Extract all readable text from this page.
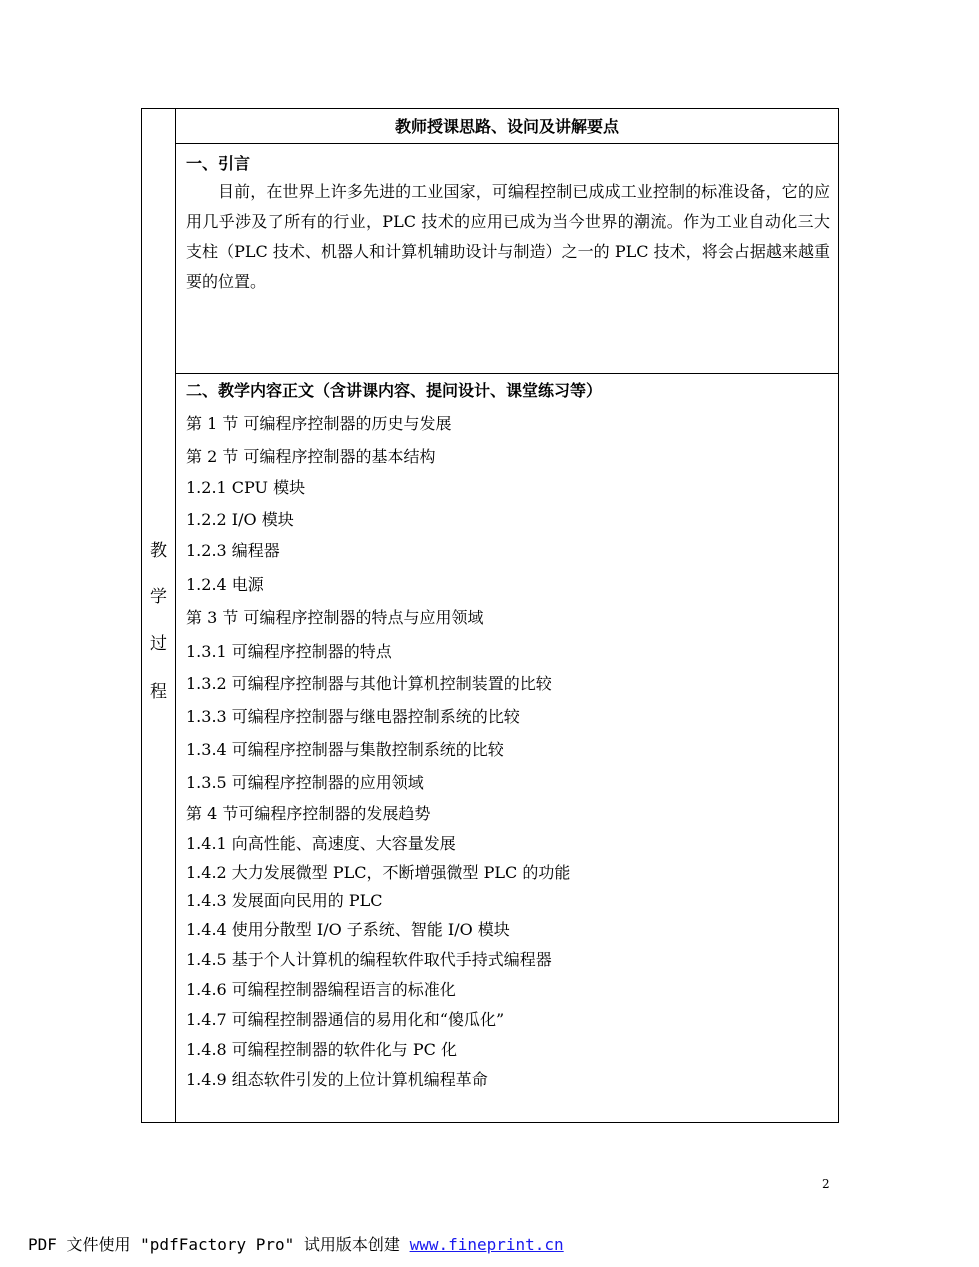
教
学
过
程
教师授课思路、设问及讲解要点
一、引言

目前，在世界上许多先进的工业国家，可编程控制已成成工业控制的标准设备，它的应用几乎涉及了所有的行业，PLC 技术的应用已成为当今世界的潮流。作为工业自动化三大支柱（PLC 技术、机器人和计算机辅助设计与制造）之一的 PLC 技术，将会占据越来越重要的位置。

二、教学内容正文（含讲课内容、提问设计、课堂练习等）
第 1 节 可编程序控制器的历史与发展
第 2 节 可编程序控制器的基本结构
1.2.1 CPU 模块
1.2.2 I/O 模块
1.2.3 编程器
1.2.4 电源
第 3 节 可编程序控制器的特点与应用领域
1.3.1 可编程序控制器的特点
1.3.2 可编程序控制器与其他计算机控制装置的比较
1.3.3 可编程序控制器与继电器控制系统的比较
1.3.4 可编程序控制器与集散控制系统的比较
1.3.5 可编程序控制器的应用领域
第 4 节可编程序控制器的发展趋势
1.4.1 向高性能、高速度、大容量发展
1.4.2 大力发展微型 PLC，不断增强微型 PLC 的功能
1.4.3 发展面向民用的 PLC
1.4.4 使用分散型 I/O 子系统、智能 I/O 模块
1.4.5 基于个人计算机的编程软件取代手持式编程器
1.4.6 可编程控制器编程语言的标准化
1.4.7 可编程控制器通信的易用化和“傻瓜化”
1.4.8 可编程控制器的软件化与 PC 化
1.4.9 组态软件引发的上位计算机编程革命
2
PDF 文件使用 "pdfFactory Pro" 试用版本创建 www.fineprint.cn
